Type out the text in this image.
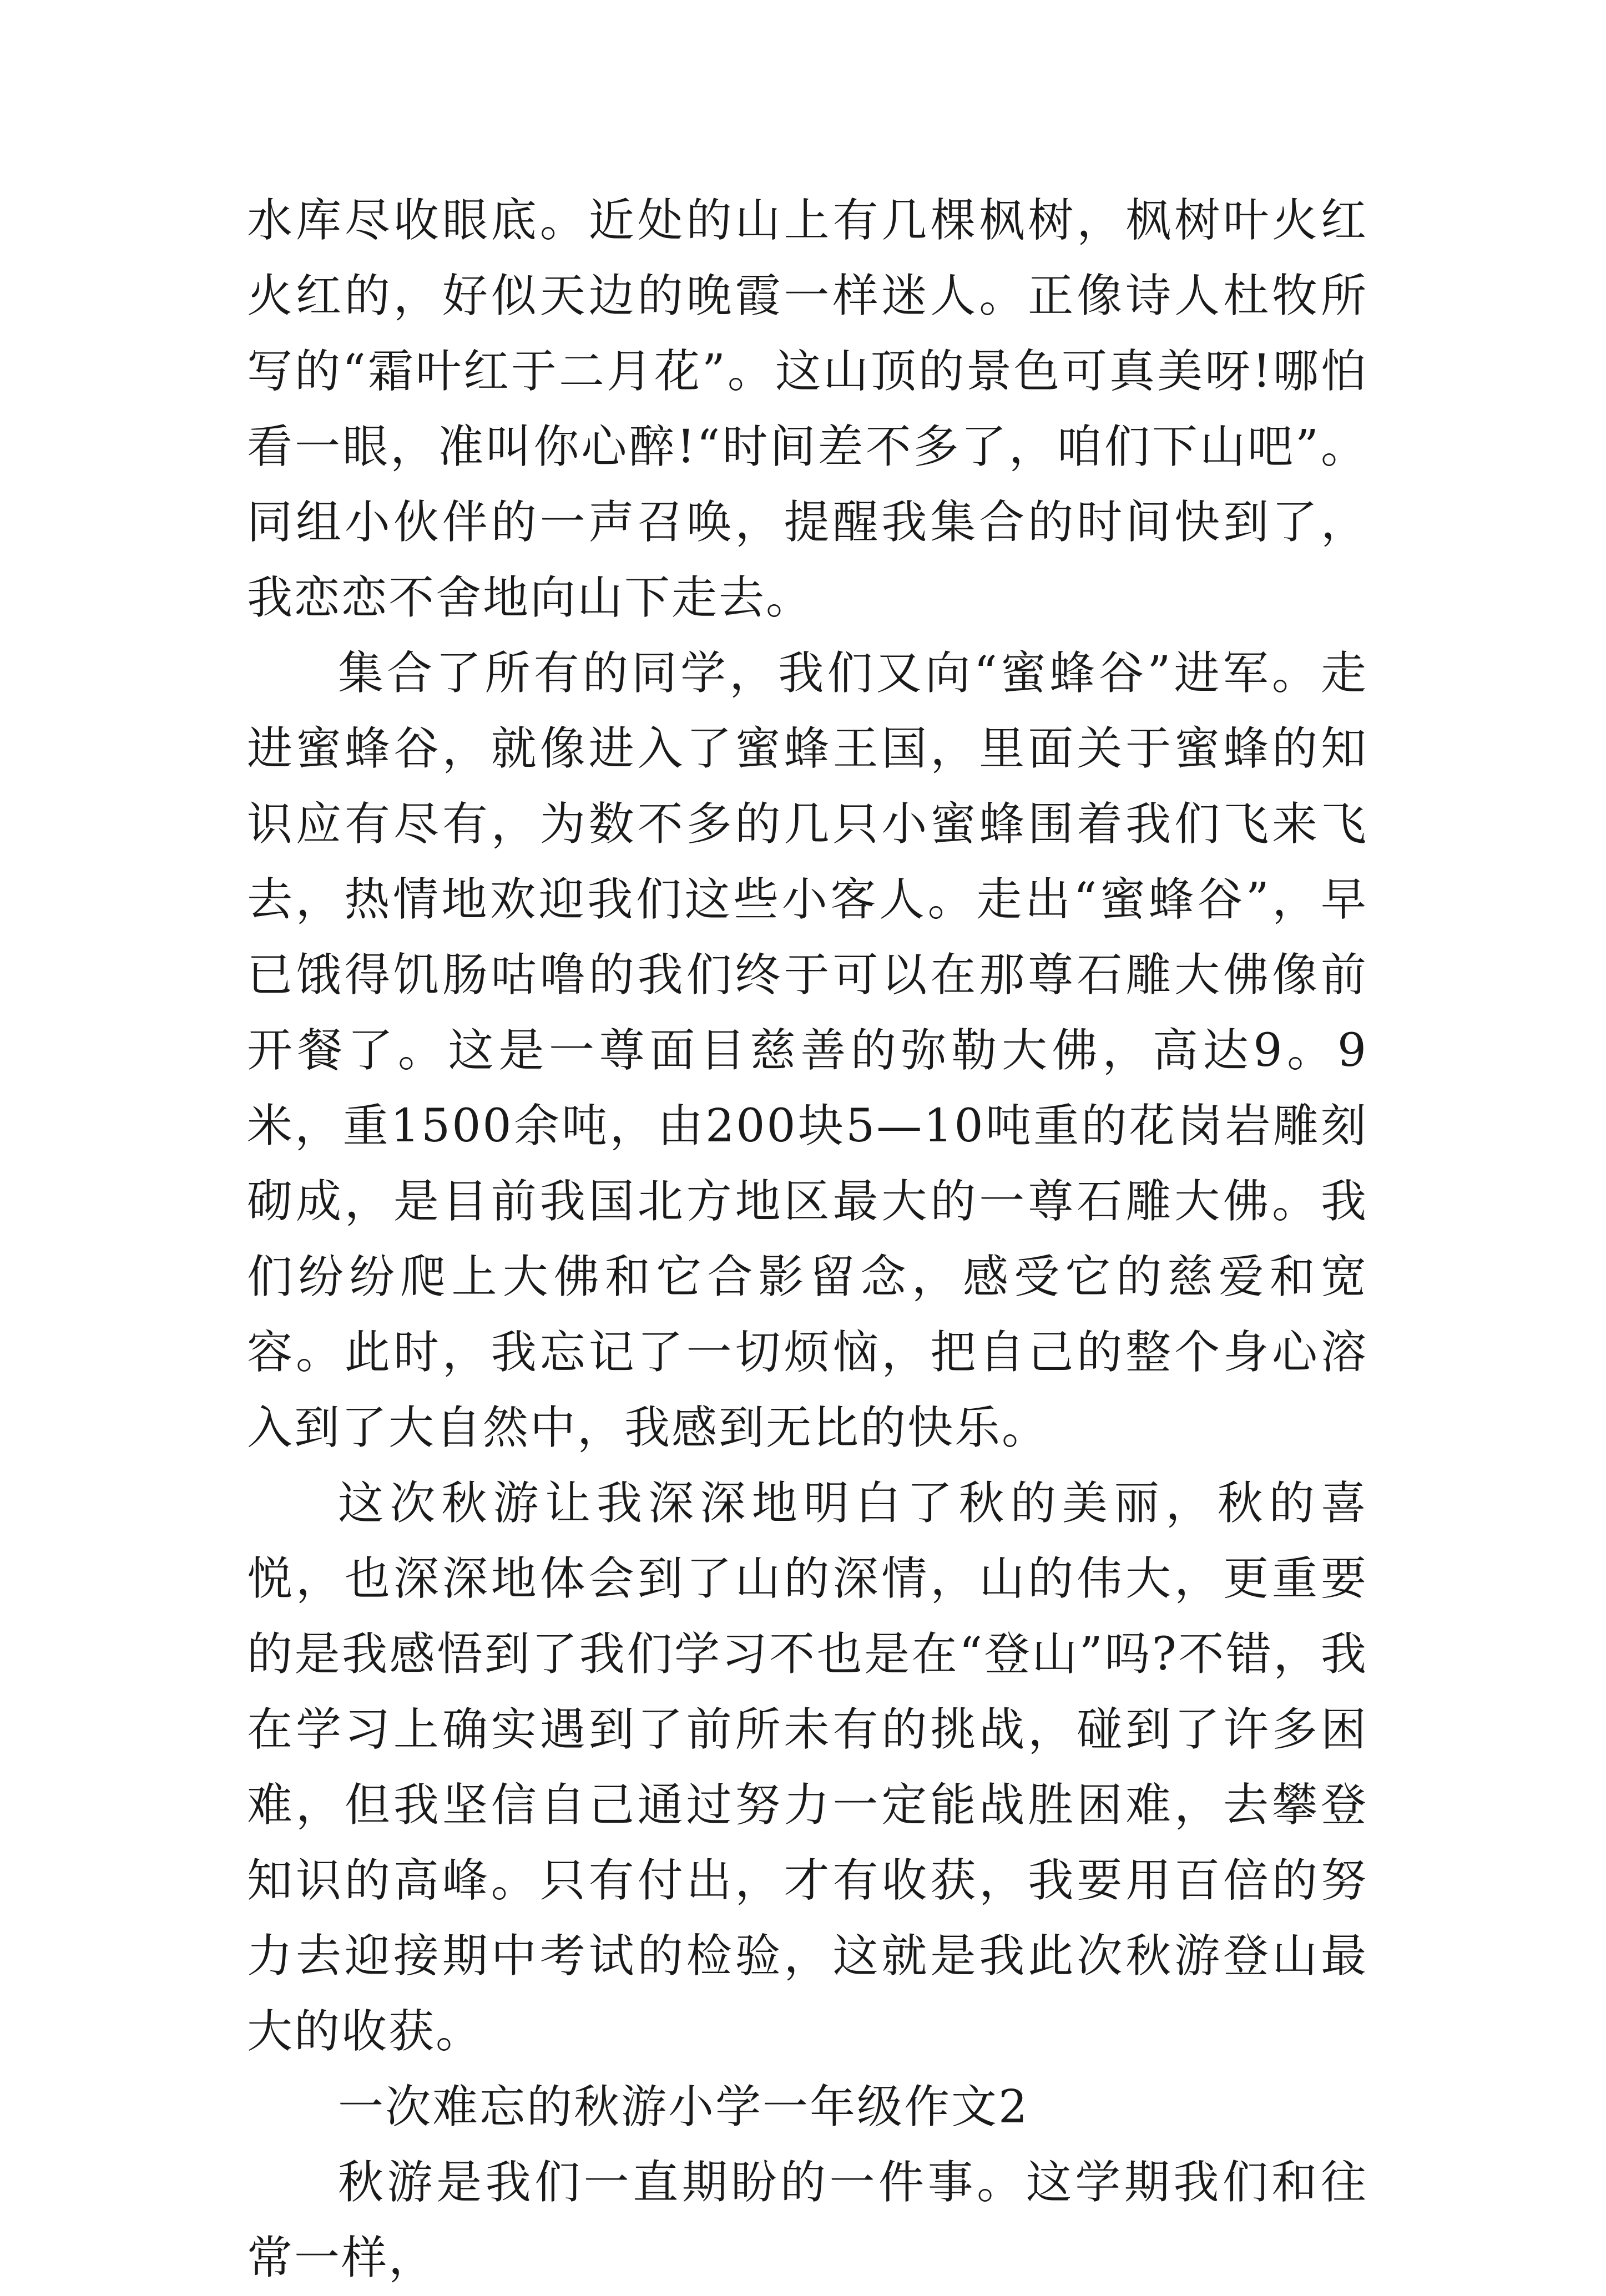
水库尽收眼底。近处的山上有几棵枫树，枫树叶火红火红的，好似天边的晚霞一样迷人。正像诗人杜牧所写的“霜叶红于二月花”。这山顶的景色可真美呀!哪怕看一眼，准叫你心醉!“时间差不多了，咱们下山吧”。同组小伙伴的一声召唤，提醒我集合的时间快到了，我恋恋不舍地向山下走去。

集合了所有的同学，我们又向“蜜蜂谷”进军。走进蜜蜂谷，就像进入了蜜蜂王国，里面关于蜜蜂的知识应有尽有，为数不多的几只小蜜蜂围着我们飞来飞去，热情地欢迎我们这些小客人。走出“蜜蜂谷”，早已饿得饥肠咕噜的我们终于可以在那尊石雕大佛像前开餐了。这是一尊面目慈善的弥勒大佛，高达9。9米，重1500余吨，由200块5—10吨重的花岗岩雕刻砌成，是目前我国北方地区最大的一尊石雕大佛。我们纷纷爬上大佛和它合影留念，感受它的慈爱和宽容。此时，我忘记了一切烦恼，把自己的整个身心溶入到了大自然中，我感到无比的快乐。

这次秋游让我深深地明白了秋的美丽，秋的喜悦，也深深地体会到了山的深情，山的伟大，更重要的是我感悟到了我们学习不也是在“登山”吗?不错，我在学习上确实遇到了前所未有的挑战，碰到了许多困难，但我坚信自己通过努力一定能战胜困难，去攀登知识的高峰。只有付出，才有收获，我要用百倍的努力去迎接期中考试的检验，这就是我此次秋游登山最大的收获。

一次难忘的秋游小学一年级作文2

秋游是我们一直期盼的一件事。这学期我们和往常一样，
